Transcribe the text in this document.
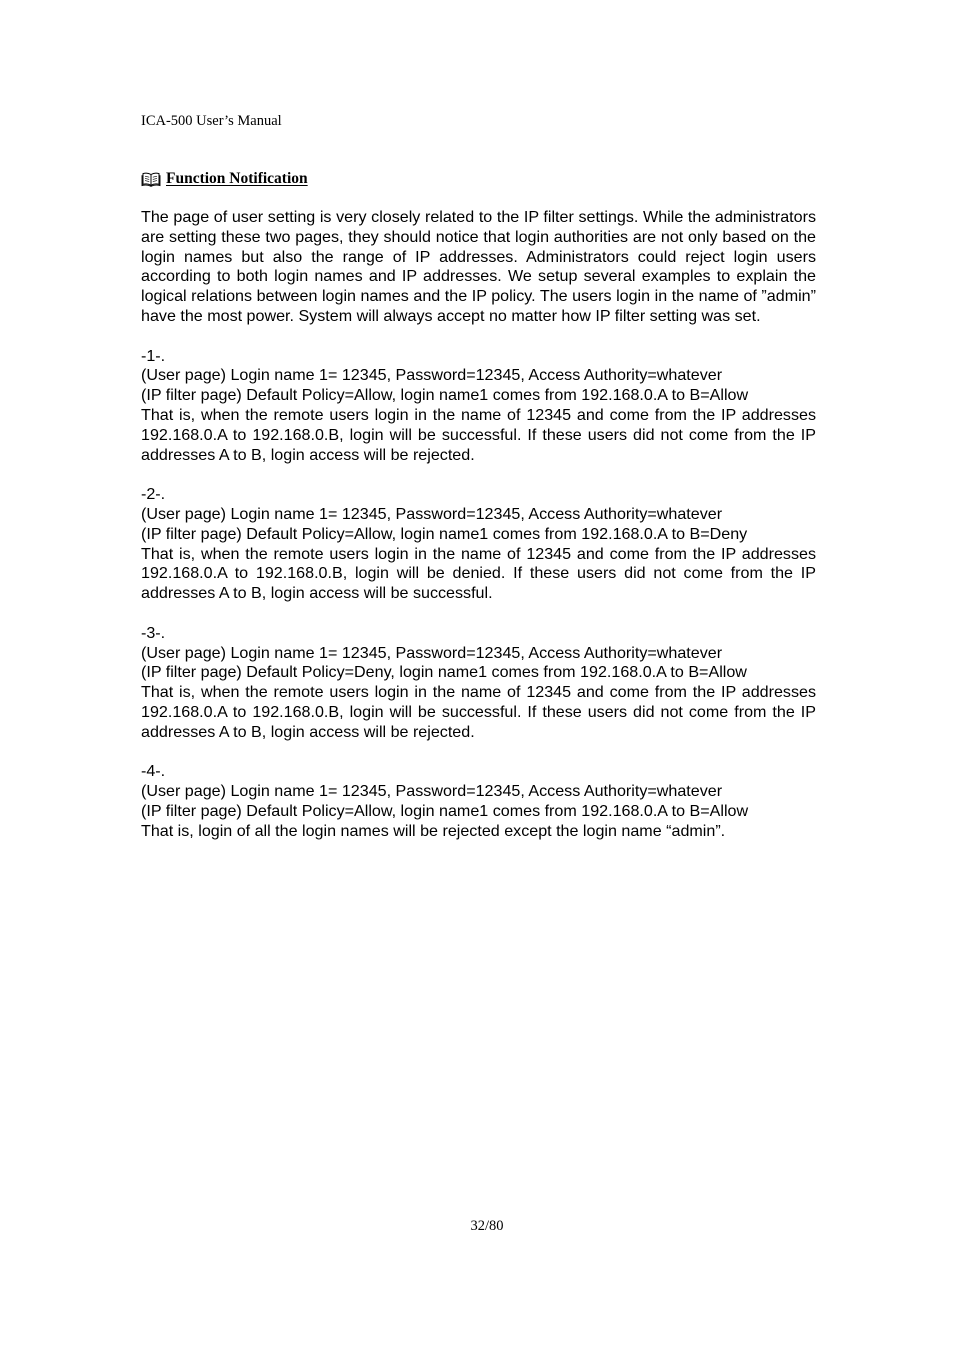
ICA-500 User’s Manual
Function Notification

The page of user setting is very closely related to the IP filter settings. While the administrators are setting these two pages, they should notice that login authorities are not only based on the login names but also the range of IP addresses. Administrators could reject login users according to both login names and IP addresses. We setup several examples to explain the logical relations between login names and the IP policy. The users login in the name of ”admin” have the most power. System will always accept no matter how IP filter setting was set.

-1-.
(User page) Login name 1= 12345, Password=12345, Access Authority=whatever
(IP filter page) Default Policy=Allow, login name1 comes from 192.168.0.A to B=Allow
That is, when the remote users login in the name of 12345 and come from the IP addresses 192.168.0.A to 192.168.0.B, login will be successful. If these users did not come from the IP addresses A to B, login access will be rejected.
-2-.
(User page) Login name 1= 12345, Password=12345, Access Authority=whatever
(IP filter page) Default Policy=Allow, login name1 comes from 192.168.0.A to B=Deny
That is, when the remote users login in the name of 12345 and come from the IP addresses 192.168.0.A to 192.168.0.B, login will be denied. If these users did not come from the IP addresses A to B, login access will be successful.
-3-.
(User page) Login name 1= 12345, Password=12345, Access Authority=whatever
(IP filter page) Default Policy=Deny, login name1 comes from 192.168.0.A to B=Allow
That is, when the remote users login in the name of 12345 and come from the IP addresses 192.168.0.A to 192.168.0.B, login will be successful. If these users did not come from the IP addresses A to B, login access will be rejected.
-4-.
(User page) Login name 1= 12345, Password=12345, Access Authority=whatever
(IP filter page) Default Policy=Allow, login name1 comes from 192.168.0.A to B=Allow
That is, login of all the login names will be rejected except the login name “admin”.
32/80
